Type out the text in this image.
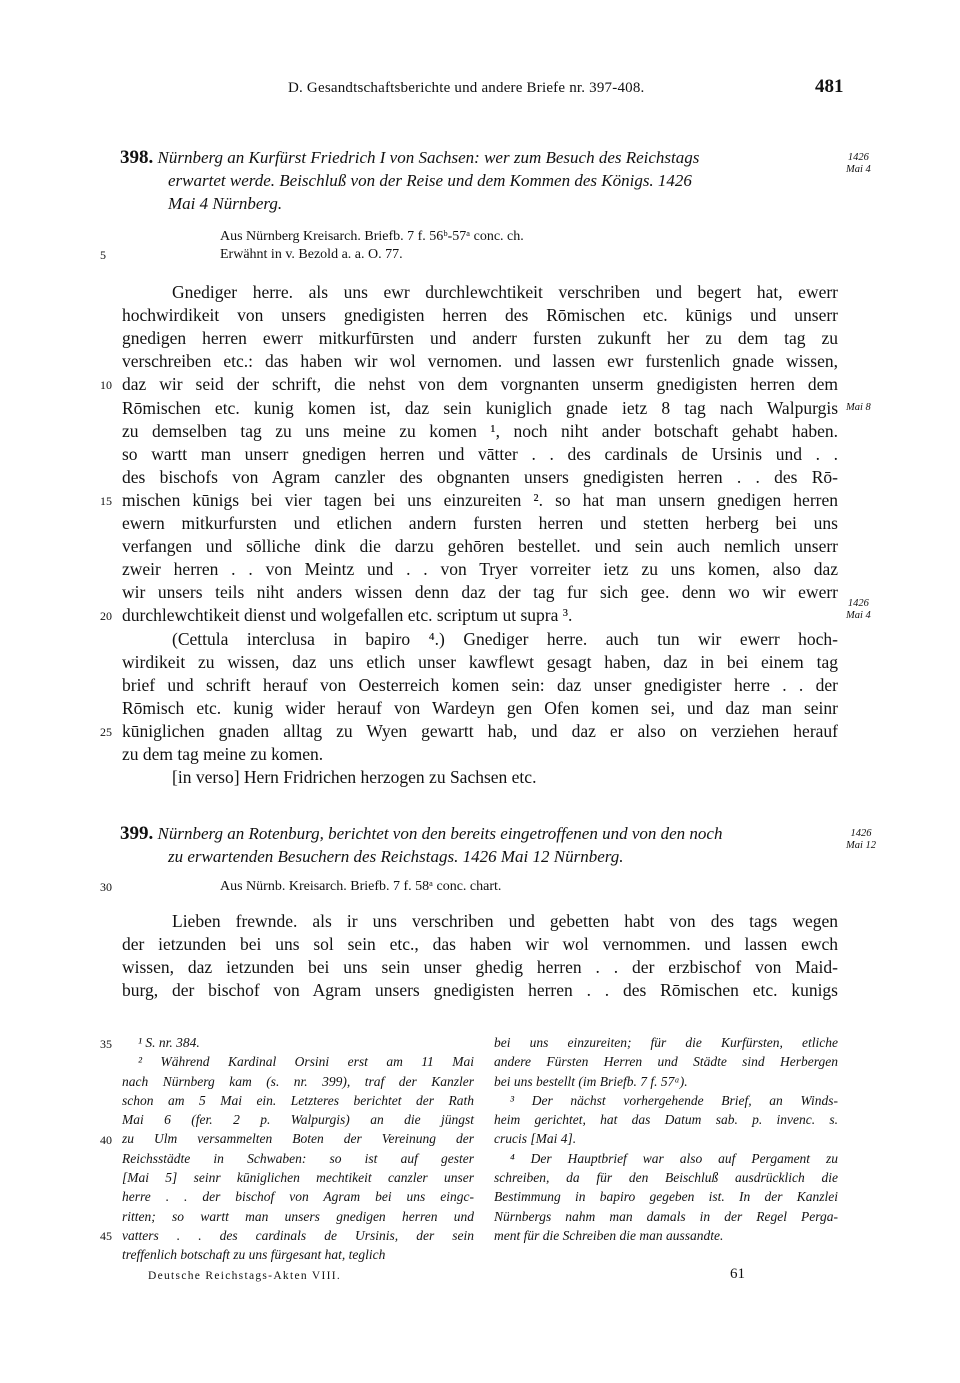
D. Gesandtschaftsberichte und andere Briefe nr. 397-408.	481
398. Nürnberg an Kurfürst Friedrich I von Sachsen: wer zum Besuch des Reichstags
erwartet werde. Beischluß von der Reise und dem Kommen des Königs. 1426
Mai 4 Nürnberg.
1426
Mai 4
Aus Nürnberg Kreisarch. Briefb. 7 f. 56ᵇ-57ᵃ conc. ch.
Erwähnt in v. Bezold a. a. O. 77.
Gnediger herre. als uns ewr durchlewchtikeit verschriben und begert hat, ewerr
hochwirdikeit von unsers gnedigisten herren des Rōmischen etc. kūnigs und unserr
gnedigen herren ewerr mitkurfūrsten und anderr fursten zukunft her zu dem tag zu
verschreiben etc.: das haben wir wol vernomen. und lassen ewr furstenlich gnade wissen,
daz wir seid der schrift, die nehst von dem vorgnanten unserm gnedigisten herren dem
Rōmischen etc. kunig komen ist, daz sein kuniglich gnade ietz 8 tag nach Walpurgis
zu demselben tag zu uns meine zu komen ¹, noch niht ander botschaft gehabt haben.
so wartt man unserr gnedigen herren und vātter . . des cardinals de Ursinis und . .
des bischofs von Agram canzler des obgnanten unsers gnedigisten herren . . des Rō-
mischen kūnigs bei vier tagen bei uns einzureiten ². so hat man unsern gnedigen herren
ewern mitkurfursten und etlichen andern fursten herren und stetten herberg bei uns
verfangen und sōlliche dink die darzu gehōren bestellet. und sein auch nemlich unserr
zweir herren . . von Meintz und . . von Tryer vorreiter ietz zu uns komen, also daz
wir unsers teils niht anders wissen denn daz der tag fur sich gee. denn wo wir ewerr
durchlewchtikeit dienst und wolgefallen etc. scriptum ut supra ³.
(Cettula interclusa in bapiro ⁴.) Gnediger herre. auch tun wir ewerr hoch-
wirdikeit zu wissen, daz uns etlich unser kawflewt gesagt haben, daz in bei einem tag
brief und schrift herauf von Oesterreich komen sein: daz unser gnedigister herre . . der
Rōmisch etc. kunig wider herauf von Wardeyn gen Ofen komen sei, und daz man seinr
kūniglichen gnaden alltag zu Wyen gewartt hab, und daz er also on verziehen herauf
zu dem tag meine zu komen.
[in verso] Hern Fridrichen herzogen zu Sachsen etc.
Mai 8
1426
Mai 4
399. Nürnberg an Rotenburg, berichtet von den bereits eingetroffenen und von den noch
zu erwartenden Besuchern des Reichstags. 1426 Mai 12 Nürnberg.
1426
Mai 12
Aus Nürnb. Kreisarch. Briefb. 7 f. 58ᵃ conc. chart.
Lieben frewnde. als ir uns verschriben und gebetten habt von des tags wegen
der ietzunden bei uns sol sein etc., das haben wir wol vernommen. und lassen ewch
wissen, daz ietzunden bei uns sein unser ghedig herren . . der erzbischof von Maid-
burg, der bischof von Agram unsers gnedigisten herren . . des Rōmischen etc. kunigs
5
10
15
20
25
30
35
40
45
¹ S. nr. 384.
² Während Kardinal Orsini erst am 11 Mai
nach Nürnberg kam (s. nr. 399), traf der Kanzler
schon am 5 Mai ein. Letzteres berichtet der Rath
Mai 6 (fer. 2 p. Walpurgis) an die jüngst
zu Ulm versammelten Boten der Vereinung der
Reichsstädte in Schwaben: so ist auf gester
[Mai 5] seinr kūniglichen mechtikeit canzler unser
herre . . der bischof von Agram bei uns eingc-
ritten; so wartt man unsers gnedigen herren und
vatters . . des cardinals de Ursinis, der sein
treffenlich botschaft zu uns fürgesant hat, teglich
bei uns einzureiten; für die Kurfürsten, etliche
andere Fürsten Herren und Städte sind Herbergen
bei uns bestellt (im Briefb. 7 f. 57ᵃ).
³ Der nächst vorhergehende Brief, an Winds-
heim gerichtet, hat das Datum sab. p. invenc. s.
crucis [Mai 4].
⁴ Der Hauptbrief war also auf Pergament zu
schreiben, da für den Beischluß ausdrücklich die
Bestimmung in bapiro gegeben ist. In der Kanzlei
Nürnbergs nahm man damals in der Regel Perga-
ment für die Schreiben die man aussandte.
Deutsche Reichstags-Akten VIII.	61
